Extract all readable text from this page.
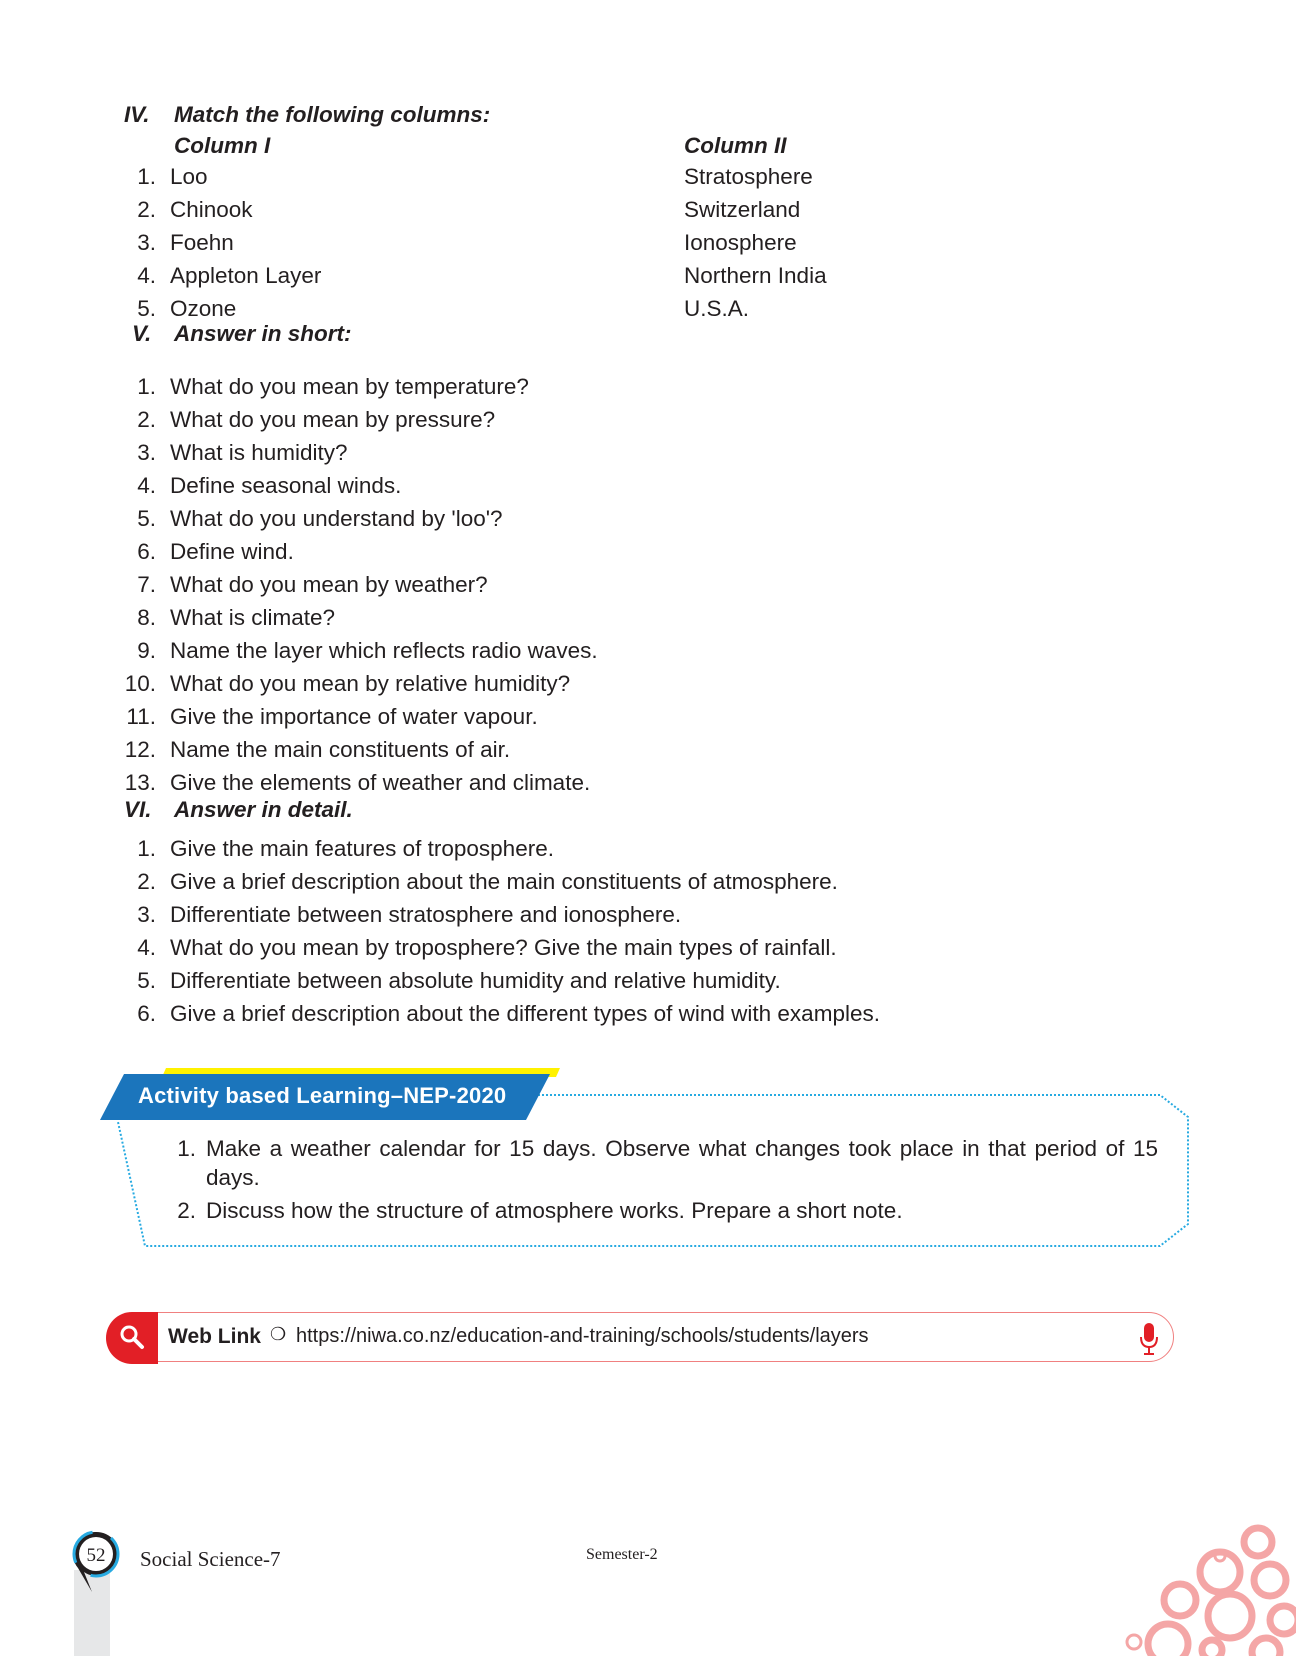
IV.	Match the following columns:
Column I	Column II
1. Loo	Stratosphere
2. Chinook	Switzerland
3. Foehn	Ionosphere
4. Appleton Layer	Northern India
5. Ozone	U.S.A.
V. Answer in short:
1. What do you mean by temperature?
2. What do you mean by pressure?
3. What is humidity?
4. Define seasonal winds.
5. What do you understand by 'loo'?
6. Define wind.
7. What do you mean by weather?
8. What is climate?
9. Name the layer which reflects radio waves.
10. What do you mean by relative humidity?
11. Give the importance of water vapour.
12. Name the main constituents of air.
13. Give the elements of weather and climate.
VI. Answer in detail.
1. Give the main features of troposphere.
2. Give a brief description about the main constituents of atmosphere.
3. Differentiate between stratosphere and ionosphere.
4. What do you mean by troposphere? Give the main types of rainfall.
5. Differentiate between absolute humidity and relative humidity.
6. Give a brief description about the different types of wind with examples.
Activity based Learning–NEP-2020
1. Make a weather calendar for 15 days. Observe what changes took place in that period of 15 days.
2. Discuss how the structure of atmosphere works. Prepare a short note.
Web Link ❍ https://niwa.co.nz/education-and-training/schools/students/layers
52	Social Science-7	Semester-2
